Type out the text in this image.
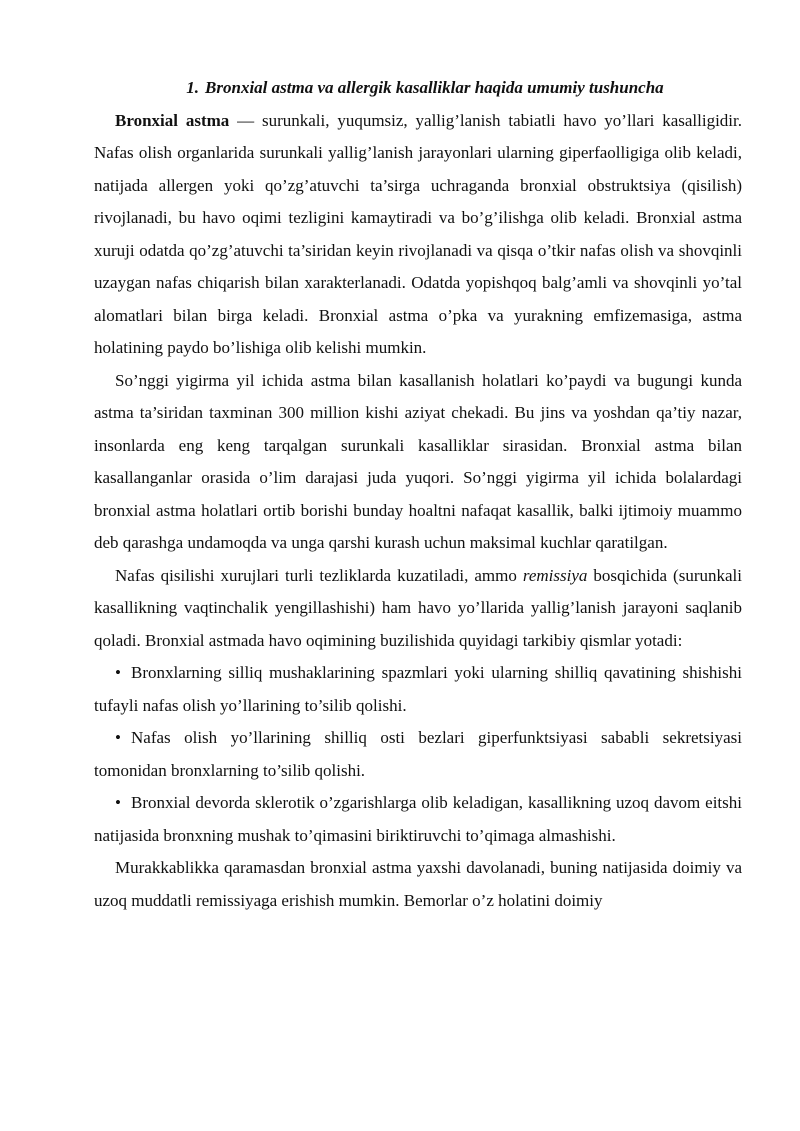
1. Bronxial astma va allergik kasalliklar haqida umumiy tushuncha

Bronxial astma — surunkali, yuqumsiz, yallig’lanish tabiatli havo yo’llari kasalligidir. Nafas olish organlarida surunkali yallig’lanish jarayonlari ularning giperfaolligiga olib keladi, natijada allergen yoki qo’zg’atuvchi ta’sirga uchraganda bronxial obstruktsiya (qisilish) rivojlanadi, bu havo oqimi tezligini kamaytiradi va bo’g’ilishga olib keladi. Bronxial astma xuruji odatda qo’zg’atuvchi ta’siridan keyin rivojlanadi va qisqa o’tkir nafas olish va shovqinli uzaygan nafas chiqarish bilan xarakterlanadi. Odatda yopishqoq balg’amli va shovqinli yo’tal alomatlari bilan birga keladi. Bronxial astma o’pka va yurakning emfizemasiga, astma holatining paydo bo’lishiga olib kelishi mumkin.

So’nggi yigirma yil ichida astma bilan kasallanish holatlari ko’paydi va bugungi kunda astma ta’siridan taxminan 300 million kishi aziyat chekadi. Bu jins va yoshdan qa’tiy nazar, insonlarda eng keng tarqalgan surunkali kasalliklar sirasidan. Bronxial astma bilan kasallanganlar orasida o’lim darajasi juda yuqori. So’nggi yigirma yil ichida bolalardagi bronxial astma holatlari ortib borishi bunday hoaltni nafaqat kasallik, balki ijtimoiy muammo deb qarashga undamoqda va unga qarshi kurash uchun maksimal kuchlar qaratilgan.

Nafas qisilishi xurujlari turli tezliklarda kuzatiladi, ammo remissiya bosqichida (surunkali kasallikning vaqtinchalik yengillashishi) ham havo yo’llarida yallig’lanish jarayoni saqlanib qoladi. Bronxial astmada havo oqimining buzilishida quyidagi tarkibiy qismlar yotadi:

• Bronxlarning silliq mushaklarining spazmlari yoki ularning shilliq qavatining shishishi tufayli nafas olish yo’llarining to’silib qolishi.
• Nafas olish yo’llarining shilliq osti bezlari giperfunktsiyasi sababli sekretsiyasi tomonidan bronxlarning to’silib qolishi.
• Bronxial devorda sklerotik o’zgarishlarga olib keladigan, kasallikning uzoq davom eitshi natijasida bronxning mushak to’qimasini biriktiruvchi to’qimaga almashishi.

Murakkablikka qaramasdan bronxial astma yaxshi davolanadi, buning natijasida doimiy va uzoq muddatli remissiyaga erishish mumkin. Bemorlar o’z holatini doimiy
